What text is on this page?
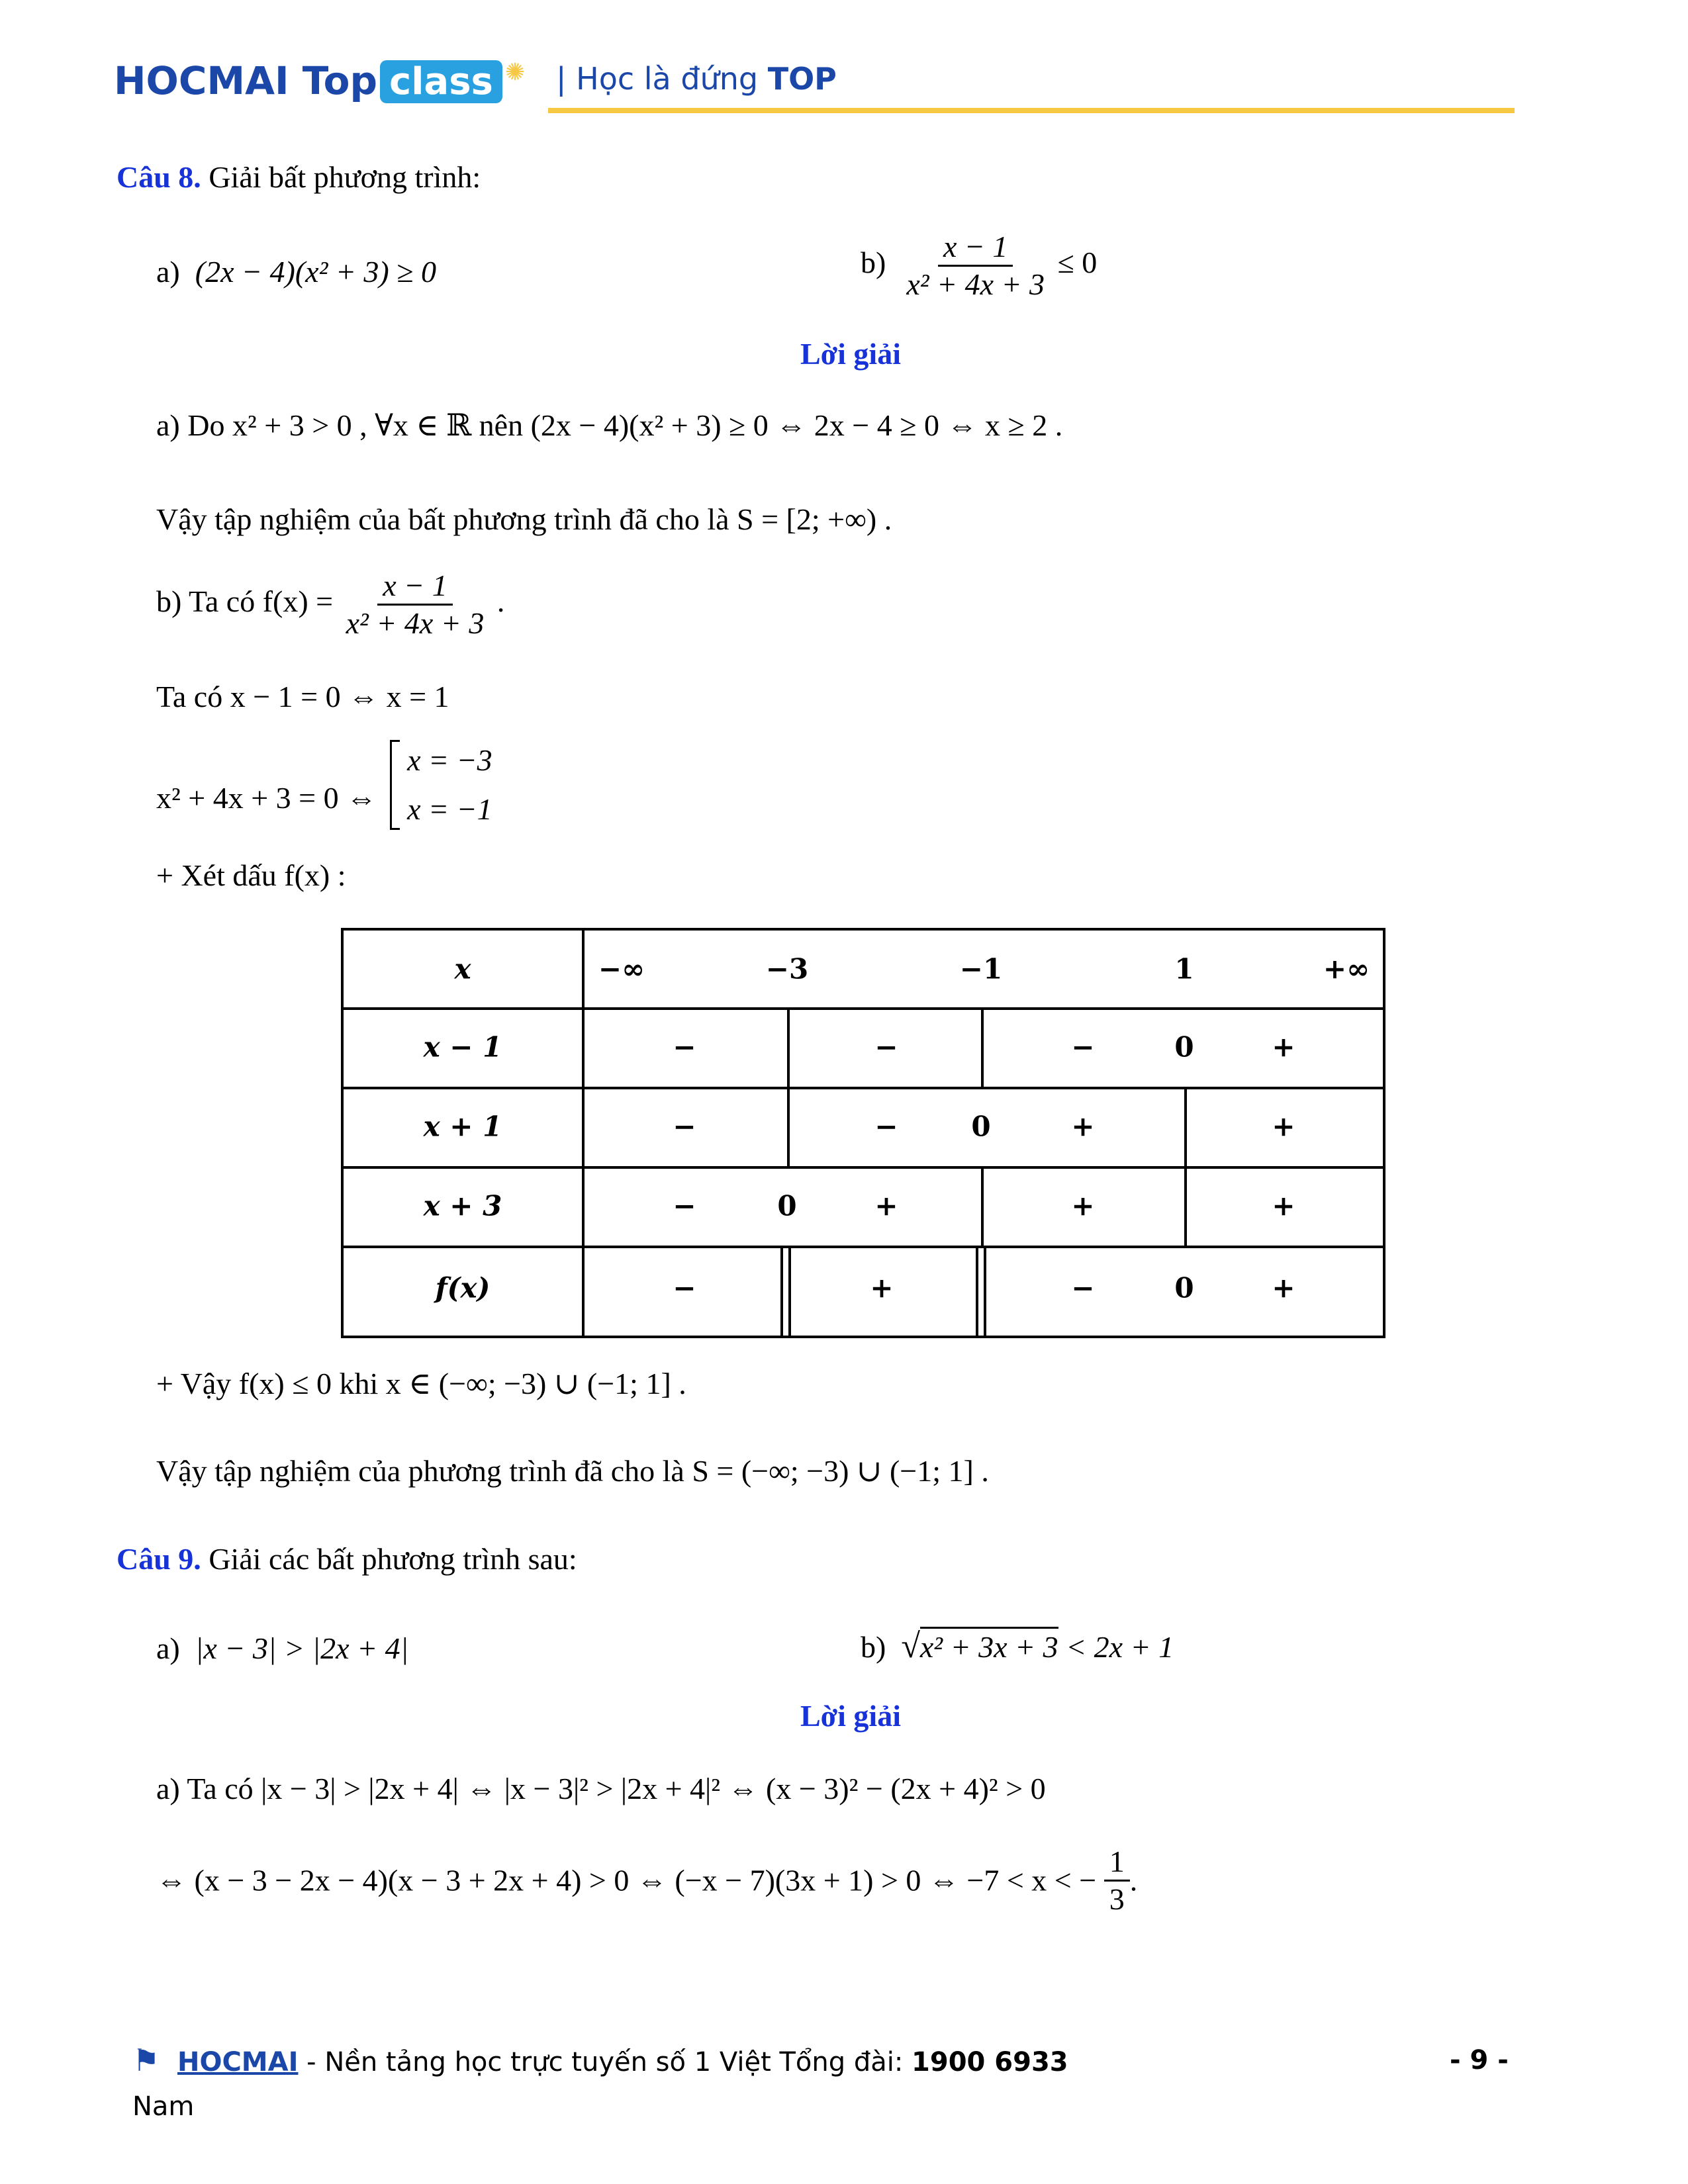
HOCMAI Top class ✺ | Học là đứng TOP
Câu 8. Giải bất phương trình:
a) (2x − 4)(x² + 3) ≥ 0	$b) \frac{x - 1}{\text{x² + 4x + 3}} \le 0$
Lời giải
a) Do x² + 3 > 0 , ∀x ∈ ℝ nên (2x − 4)(x² + 3) ≥ 0 ⇔ 2x − 4 ≥ 0 ⇔ x ≥ 2 .
Vậy tập nghiệm của bất phương trình đã cho là S = [2; +∞) .
b) Ta có $f(x) = \frac{x - 1}{\text{x² + 4x + 3}}$ .
Ta có x − 1 = 0 ⇔ x = 1
x² + 4x + 3 = 0 ⇔  x = −3
x = −1
+ Xét dấu f(x) :
x	−∞	−3	−1	1	+∞
x − 1	−	−	−	0	+
x + 1	−	−	0	+	+
x + 3	−	0	+	+	+
f(x)	−	+	−	0	+
+ Vậy f(x) ≤ 0 khi x ∈ (−∞; −3) ∪ (−1; 1] .
Vậy tập nghiệm của phương trình đã cho là S = (−∞; −3) ∪ (−1; 1] .
Câu 9. Giải các bất phương trình sau:
a) |x − 3| > |2x + 4|	b) √x² + 3x + 3 < 2x + 1
Lời giải
a) Ta có |x − 3| > |2x + 4| ⇔ |x − 3|² > |2x + 4|² ⇔ (x − 3)² − (2x + 4)² > 0
⇔ (x − 3 − 2x − 4)(x − 3 + 2x + 4) > 0 ⇔ (−x − 7)(3x + 1) > 0 ⇔ −7 < x < − $\frac{1}{3}$ .
⚑ HOCMAI - Nền tảng học trực tuyến số 1 Việt Tổng đài: 1900 6933	- 9 -
Nam
